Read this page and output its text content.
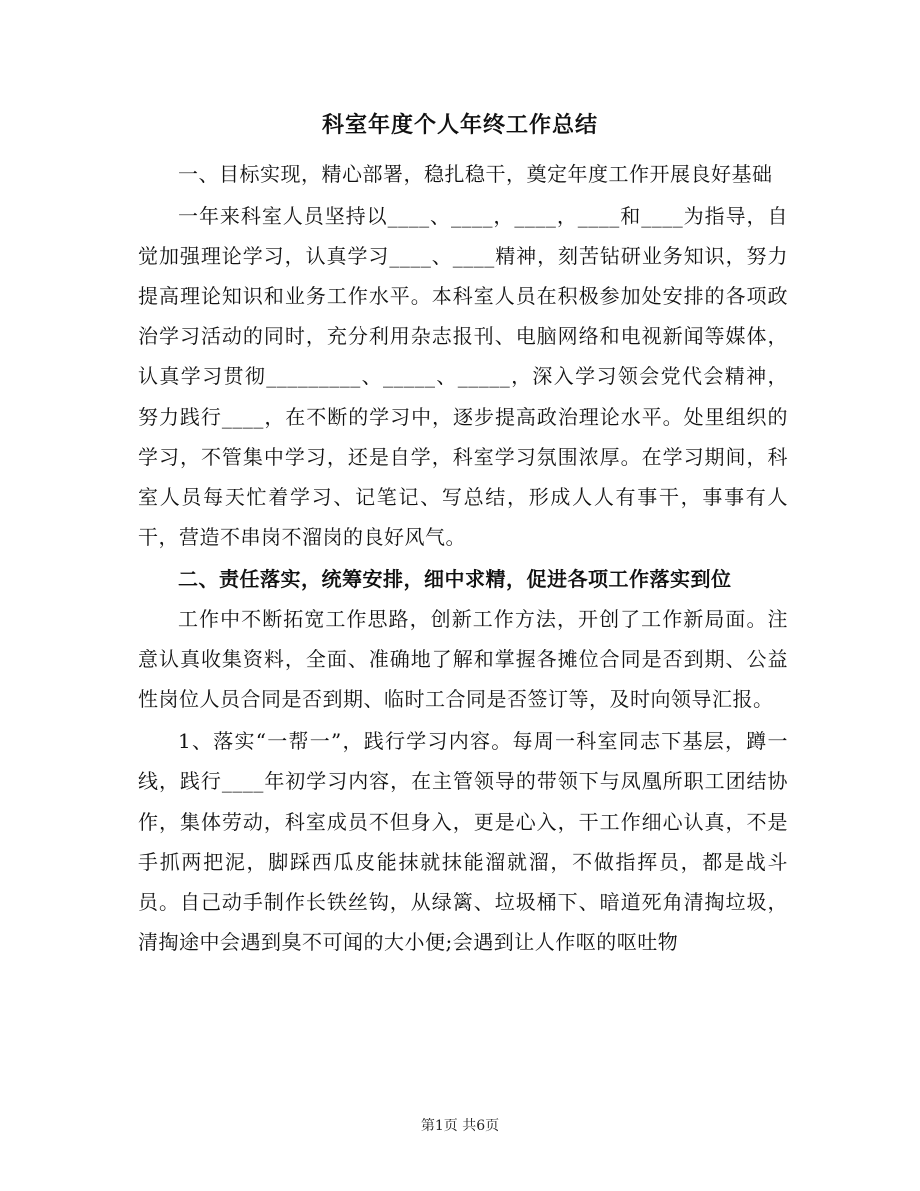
科室年度个人年终工作总结

一、目标实现，精心部署，稳扎稳干，奠定年度工作开展良好基础

一年来科室人员坚持以____、____，____，____和____为指导，自觉加强理论学习，认真学习____、____精神，刻苦钻研业务知识，努力提高理论知识和业务工作水平。本科室人员在积极参加处安排的各项政治学习活动的同时，充分利用杂志报刊、电脑网络和电视新闻等媒体，认真学习贯彻_________、_____、_____，深入学习领会党代会精神，努力践行____，在不断的学习中，逐步提高政治理论水平。处里组织的学习，不管集中学习，还是自学，科室学习氛围浓厚。在学习期间，科室人员每天忙着学习、记笔记、写总结，形成人人有事干，事事有人干，营造不串岗不溜岗的良好风气。

二、责任落实，统筹安排，细中求精，促进各项工作落实到位

工作中不断拓宽工作思路，创新工作方法，开创了工作新局面。注意认真收集资料，全面、准确地了解和掌握各摊位合同是否到期、公益性岗位人员合同是否到期、临时工合同是否签订等，及时向领导汇报。

1、落实“一帮一”，践行学习内容。每周一科室同志下基层，蹲一线，践行____年初学习内容，在主管领导的带领下与凤凰所职工团结协作，集体劳动，科室成员不但身入，更是心入，干工作细心认真，不是手抓两把泥，脚踩西瓜皮能抹就抹能溜就溜，不做指挥员，都是战斗员。自己动手制作长铁丝钩，从绿篱、垃圾桶下、暗道死角清掏垃圾，清掏途中会遇到臭不可闻的大小便;会遇到让人作呕的呕吐物

第1页 共6页
